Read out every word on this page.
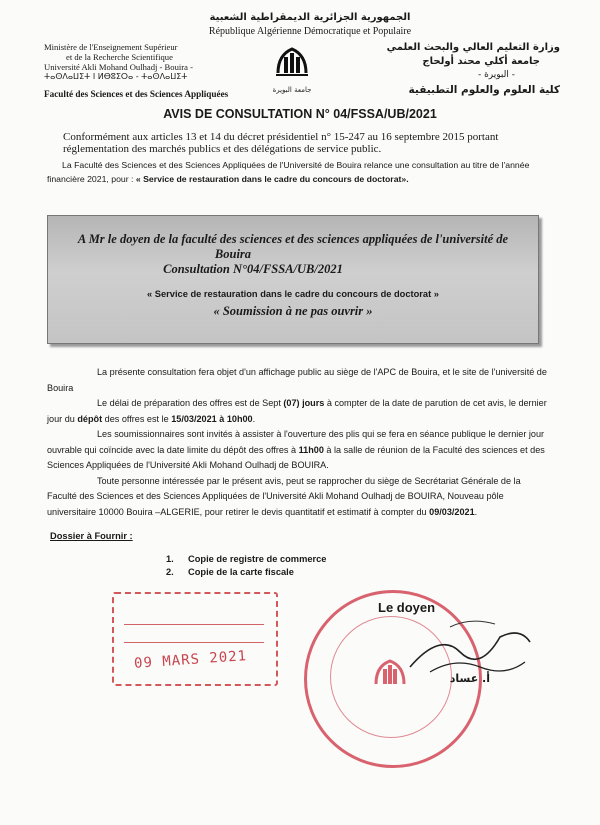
الجمهورية الجزائرية الديمقراطية الشعبية
République Algérienne Démocratique et Populaire
Ministère de l'Enseignement Supérieur
et de la Recherche Scientifique
Université Akli Mohand Oulhadj - Bouira -
ⵜⴰⵙⴷⴰⵡⵉⵜ ⵏ ⵍⴱⵓⵉⵔⴰ - ⵜⴰⵙⴷⴰⵡⵉⵜ
Faculté des Sciences et des Sciences Appliquées	جامعة البويرة
وزارة التعليم العالي والبحث العلمي
جامعة أكلي محند أولحاج
- البويرة -
كلية العلوم والعلوم التطبيقية
AVIS DE CONSULTATION N° 04/FSSA/UB/2021
Conformément aux articles 13 et 14 du décret présidentiel n° 15-247 au 16 septembre 2015 portant réglementation des marchés publics et des délégations de service public.
La Faculté des Sciences et des Sciences Appliquées de l'Université de Bouira relance une consultation au titre de l'année financière 2021, pour : « Service de restauration dans le cadre du concours de doctorat».
A Mr le doyen de la faculté des sciences et des sciences appliquées de l'université de
Bouira
Consultation N°04/FSSA/UB/2021
« Service de restauration dans le cadre du concours de doctorat »
« Soumission à ne pas ouvrir »

La présente consultation fera objet d'un affichage public au siège de l'APC de Bouira, et le site de l'université de Bouira

Le délai de préparation des offres est de Sept (07) jours à compter de la date de parution de cet avis, le dernier jour du dépôt des offres est le 15/03/2021 à 10h00.

Les soumissionnaires sont invités à assister à l'ouverture des plis qui se fera en séance publique le dernier jour ouvrable qui coïncide avec la date limite du dépôt des offres à 11h00 à la salle de réunion de la Faculté des sciences et des Sciences Appliquées de l'Université Akli Mohand Oulhadj de BOUIRA.

Toute personne intéressée par le présent avis, peut se rapprocher du siège de Secrétariat Générale de la Faculté des Sciences et des Sciences Appliquées de l'Université Akli Mohand Oulhadj de BOUIRA, Nouveau pôle universitaire 10000 Bouira –ALGERIE, pour retirer le devis quantitatif et estimatif à compter du 09/03/2021.

Dossier à Fournir :
1. Copie de registre de commerce
2. Copie de la carte fiscale
Le doyen
09 MARS 2021
أ. عساد
